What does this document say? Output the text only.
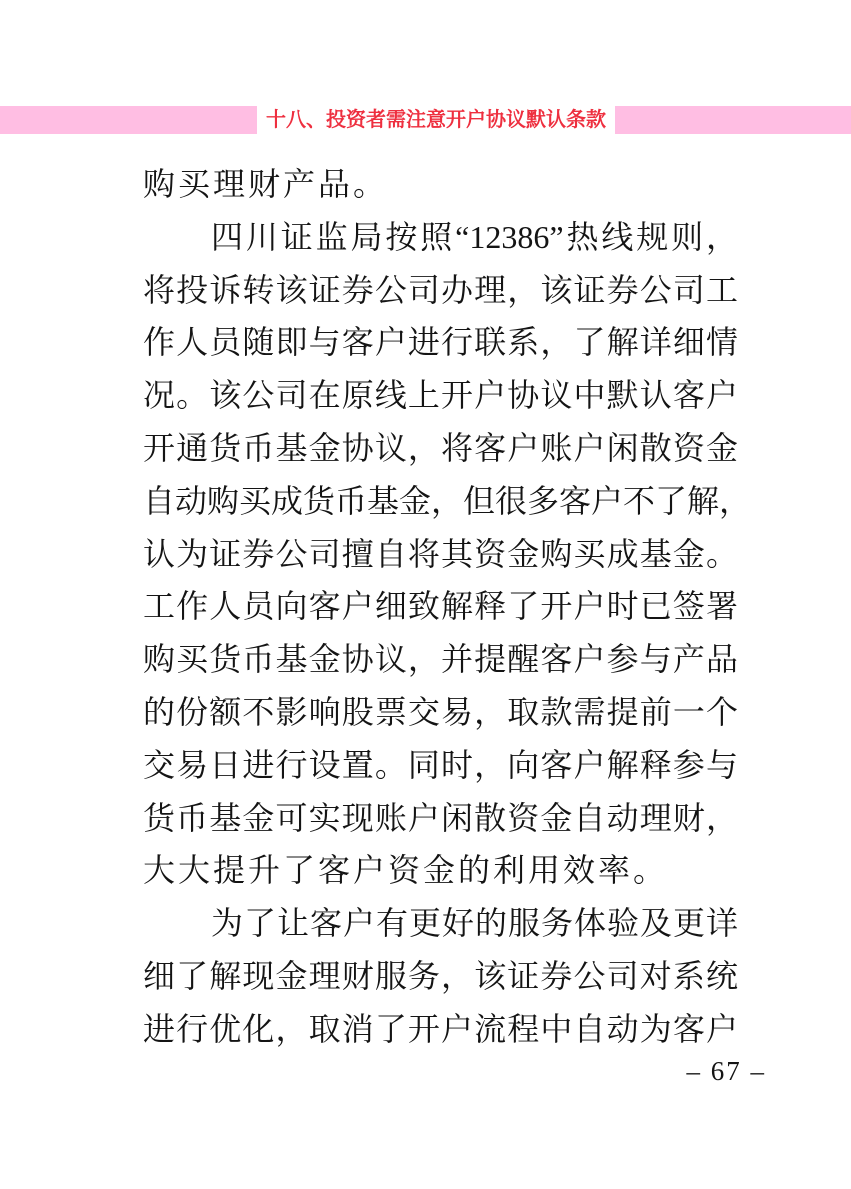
十八、投资者需注意开户协议默认条款
购买理财产品。
四川证监局按照“12386”热线规则，
将投诉转该证券公司办理，该证券公司工
作人员随即与客户进行联系，了解详细情
况。该公司在原线上开户协议中默认客户
开通货币基金协议，将客户账户闲散资金
自动购买成货币基金，但很多客户不了解，
认为证券公司擅自将其资金购买成基金。
工作人员向客户细致解释了开户时已签署
购买货币基金协议，并提醒客户参与产品
的份额不影响股票交易，取款需提前一个
交易日进行设置。同时，向客户解释参与
货币基金可实现账户闲散资金自动理财，
大大提升了客户资金的利用效率。
为了让客户有更好的服务体验及更详
细了解现金理财服务，该证券公司对系统
进行优化，取消了开户流程中自动为客户
– 67 –
